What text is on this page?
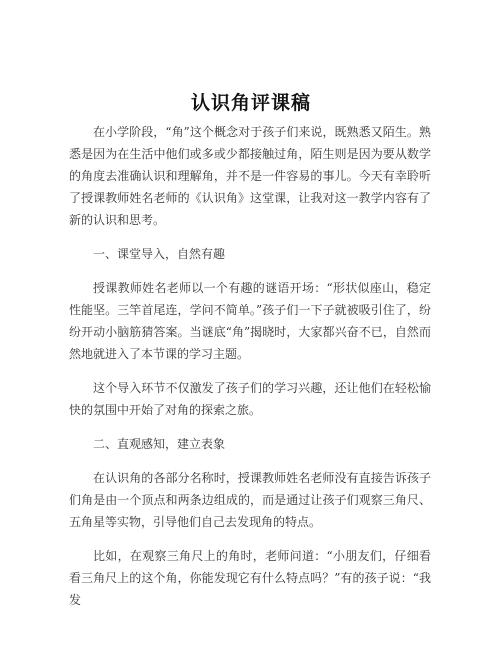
认识角评课稿

在小学阶段，“角”这个概念对于孩子们来说，既熟悉又陌生。熟悉是因为在生活中他们或多或少都接触过角，陌生则是因为要从数学的角度去准确认识和理解角，并不是一件容易的事儿。今天有幸聆听了授课教师姓名老师的《认识角》这堂课，让我对这一教学内容有了新的认识和思考。

一、课堂导入，自然有趣

授课教师姓名老师以一个有趣的谜语开场：“形状似座山，稳定性能坚。三竿首尾连，学问不简单。”孩子们一下子就被吸引住了，纷纷开动小脑筋猜答案。当谜底“角”揭晓时，大家都兴奋不已，自然而然地就进入了本节课的学习主题。

这个导入环节不仅激发了孩子们的学习兴趣，还让他们在轻松愉快的氛围中开始了对角的探索之旅。

二、直观感知，建立表象

在认识角的各部分名称时，授课教师姓名老师没有直接告诉孩子们角是由一个顶点和两条边组成的，而是通过让孩子们观察三角尺、五角星等实物，引导他们自己去发现角的特点。

比如，在观察三角尺上的角时，老师问道：“小朋友们，仔细看看三角尺上的这个角，你能发现它有什么特点吗？”有的孩子说：“我发
